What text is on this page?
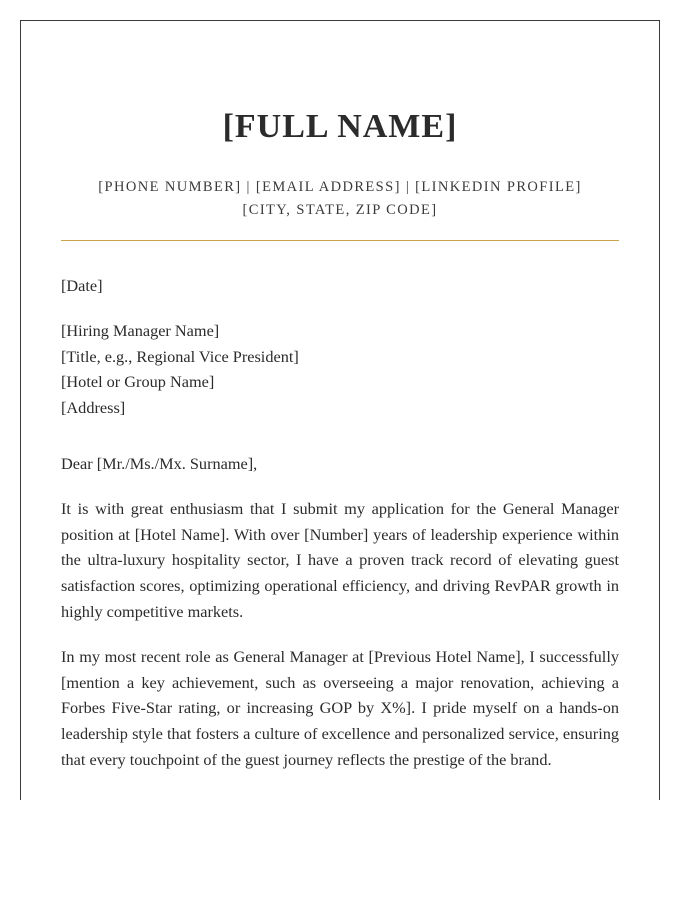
[FULL NAME]
[PHONE NUMBER] | [EMAIL ADDRESS] | [LINKEDIN PROFILE]
[CITY, STATE, ZIP CODE]
[Date]
[Hiring Manager Name]
[Title, e.g., Regional Vice President]
[Hotel or Group Name]
[Address]
Dear [Mr./Ms./Mx. Surname],

It is with great enthusiasm that I submit my application for the General Manager position at [Hotel Name]. With over [Number] years of leadership experience within the ultra-luxury hospitality sector, I have a proven track record of elevating guest satisfaction scores, optimizing operational efficiency, and driving RevPAR growth in highly competitive markets.

In my most recent role as General Manager at [Previous Hotel Name], I successfully [mention a key achievement, such as overseeing a major renovation, achieving a Forbes Five-Star rating, or increasing GOP by X%]. I pride myself on a hands-on leadership style that fosters a culture of excellence and personalized service, ensuring that every touchpoint of the guest journey reflects the prestige of the brand.
